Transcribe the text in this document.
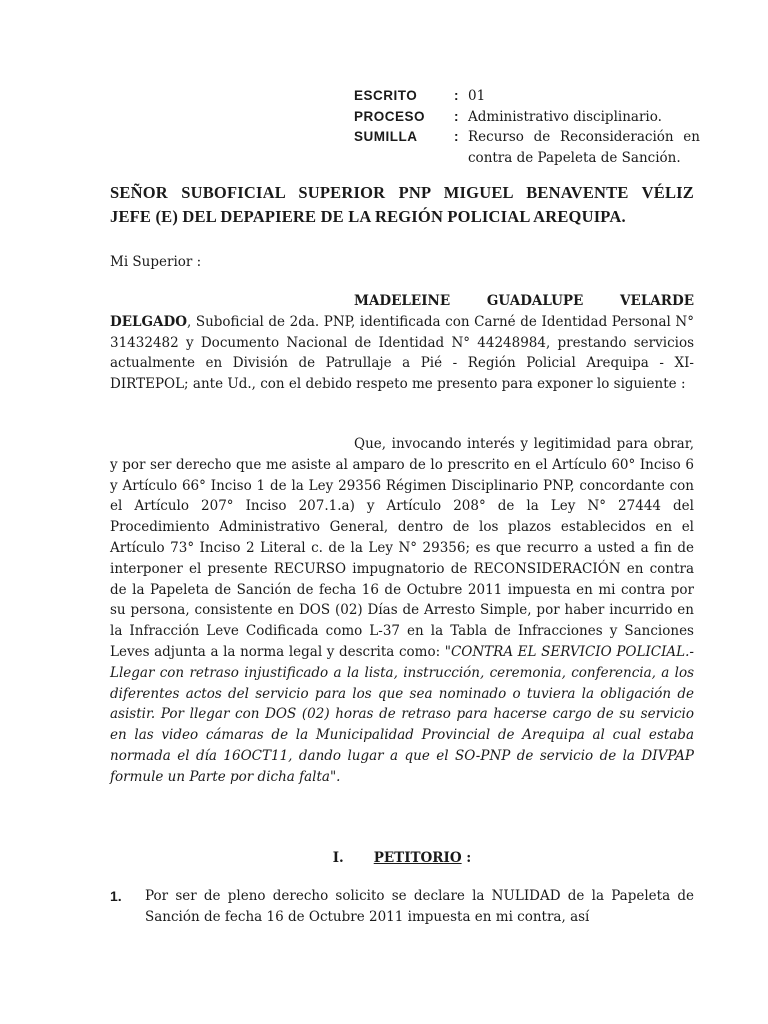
ESCRITO	: 01
PROCESO	: Administrativo disciplinario.
SUMILLA	: Recurso de Reconsideración en
contra de Papeleta de Sanción.
SEÑOR SUBOFICIAL SUPERIOR PNP MIGUEL BENAVENTE VÉLIZ
JEFE (E) DEL DEPAPIERE DE LA REGIÓN POLICIAL AREQUIPA.
Mi Superior :
MADELEINE GUADALUPE VELARDE
DELGADO, Suboficial de 2da. PNP, identificada con Carné de Identidad Personal N° 31432482 y Documento Nacional de Identidad N° 44248984, prestando servicios actualmente en División de Patrullaje a Pié - Región Policial Arequipa - XI-DIRTEPOL; ante Ud., con el debido respeto me presento para exponer lo siguiente :
Que, invocando interés y legitimidad para obrar, y por ser derecho que me asiste al amparo de lo prescrito en el Artículo 60° Inciso 6 y Artículo 66° Inciso 1 de la Ley 29356 Régimen Disciplinario PNP, concordante con el Artículo 207° Inciso 207.1.a) y Artículo 208° de la Ley N° 27444 del Procedimiento Administrativo General, dentro de los plazos establecidos en el Artículo 73° Inciso 2 Literal c. de la Ley N° 29356; es que recurro a usted a fin de interponer el presente RECURSO impugnatorio de RECONSIDERACIÓN en contra de la Papeleta de Sanción de fecha 16 de Octubre 2011 impuesta en mi contra por su persona, consistente en DOS (02) Días de Arresto Simple, por haber incurrido en la Infracción Leve Codificada como L-37 en la Tabla de Infracciones y Sanciones Leves adjunta a la norma legal y descrita como: "CONTRA EL SERVICIO POLICIAL.- Llegar con retraso injustificado a la lista, instrucción, ceremonia, conferencia, a los diferentes actos del servicio para los que sea nominado o tuviera la obligación de asistir. Por llegar con DOS (02) horas de retraso para hacerse cargo de su servicio en las video cámaras de la Municipalidad Provincial de Arequipa al cual estaba normada el día 16OCT11, dando lugar a que el SO-PNP de servicio de la DIVPAP formule un Parte por dicha falta".
I. PETITORIO :
1.	Por ser de pleno derecho solicito se declare la NULIDAD de la Papeleta de Sanción de fecha 16 de Octubre 2011 impuesta en mi contra, así
